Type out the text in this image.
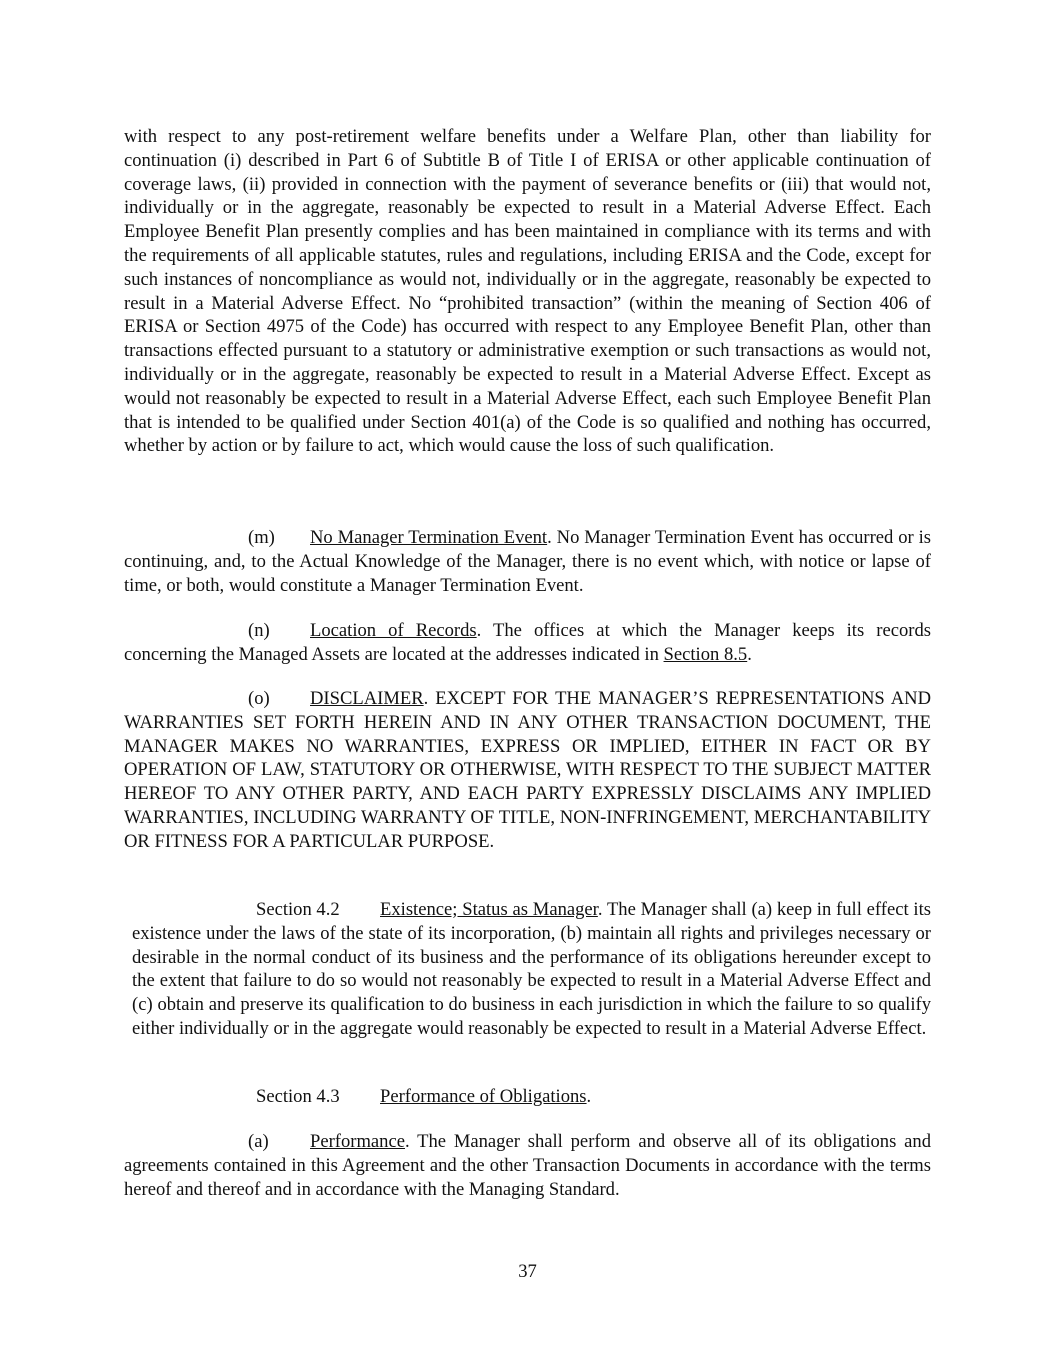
with respect to any post-retirement welfare benefits under a Welfare Plan, other than liability for continuation (i) described in Part 6 of Subtitle B of Title I of ERISA or other applicable continuation of coverage laws, (ii) provided in connection with the payment of severance benefits or (iii) that would not, individually or in the aggregate, reasonably be expected to result in a Material Adverse Effect. Each Employee Benefit Plan presently complies and has been maintained in compliance with its terms and with the requirements of all applicable statutes, rules and regulations, including ERISA and the Code, except for such instances of noncompliance as would not, individually or in the aggregate, reasonably be expected to result in a Material Adverse Effect. No “prohibited transaction” (within the meaning of Section 406 of ERISA or Section 4975 of the Code) has occurred with respect to any Employee Benefit Plan, other than transactions effected pursuant to a statutory or administrative exemption or such transactions as would not, individually or in the aggregate, reasonably be expected to result in a Material Adverse Effect. Except as would not reasonably be expected to result in a Material Adverse Effect, each such Employee Benefit Plan that is intended to be qualified under Section 401(a) of the Code is so qualified and nothing has occurred, whether by action or by failure to act, which would cause the loss of such qualification.

(m) No Manager Termination Event. No Manager Termination Event has occurred or is continuing, and, to the Actual Knowledge of the Manager, there is no event which, with notice or lapse of time, or both, would constitute a Manager Termination Event.

(n) Location of Records. The offices at which the Manager keeps its records concerning the Managed Assets are located at the addresses indicated in Section 8.5.

(o) DISCLAIMER. EXCEPT FOR THE MANAGER’S REPRESENTATIONS AND WARRANTIES SET FORTH HEREIN AND IN ANY OTHER TRANSACTION DOCUMENT, THE MANAGER MAKES NO WARRANTIES, EXPRESS OR IMPLIED, EITHER IN FACT OR BY OPERATION OF LAW, STATUTORY OR OTHERWISE, WITH RESPECT TO THE SUBJECT MATTER HEREOF TO ANY OTHER PARTY, AND EACH PARTY EXPRESSLY DISCLAIMS ANY IMPLIED WARRANTIES, INCLUDING WARRANTY OF TITLE, NON-INFRINGEMENT, MERCHANTABILITY OR FITNESS FOR A PARTICULAR PURPOSE.

Section 4.2 Existence; Status as Manager. The Manager shall (a) keep in full effect its existence under the laws of the state of its incorporation, (b) maintain all rights and privileges necessary or desirable in the normal conduct of its business and the performance of its obligations hereunder except to the extent that failure to do so would not reasonably be expected to result in a Material Adverse Effect and (c) obtain and preserve its qualification to do business in each jurisdiction in which the failure to so qualify either individually or in the aggregate would reasonably be expected to result in a Material Adverse Effect.

Section 4.3 Performance of Obligations.

(a) Performance. The Manager shall perform and observe all of its obligations and agreements contained in this Agreement and the other Transaction Documents in accordance with the terms hereof and thereof and in accordance with the Managing Standard.

37
